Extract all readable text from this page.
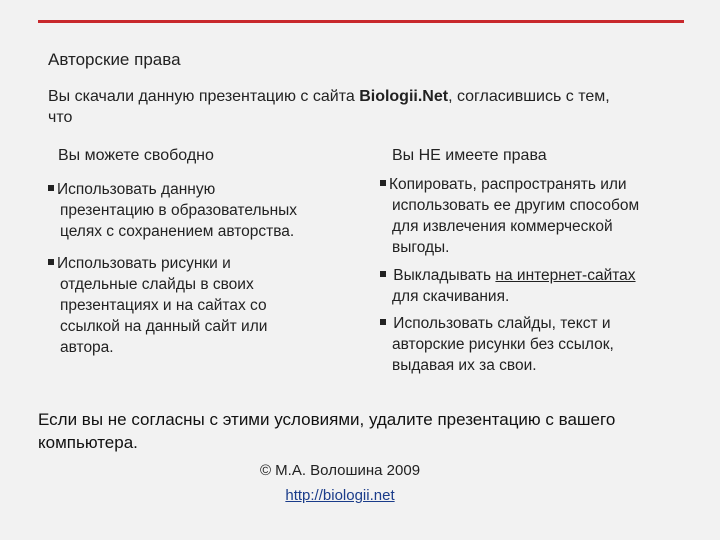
Авторские права
Вы скачали данную презентацию с сайта Biologii.Net, согласившись с тем,
что
Вы можете свободно	Вы НЕ имеете права
Использовать данную
презентацию в образовательных
целях с сохранением авторства.
Использовать рисунки и
отдельные слайды в своих
презентациях и на сайтах со
ссылкой на данный сайт или
автора.
Копировать, распространять или
использовать ее другим способом
для извлечения коммерческой
выгоды.
Выкладывать на интернет-сайтах
для скачивания.
Использовать слайды, текст и
авторские рисунки без ссылок,
выдавая их за свои.
Если вы не согласны с этими условиями, удалите презентацию с вашего компьютера.
© М.А. Волошина 2009
http://biologii.net
